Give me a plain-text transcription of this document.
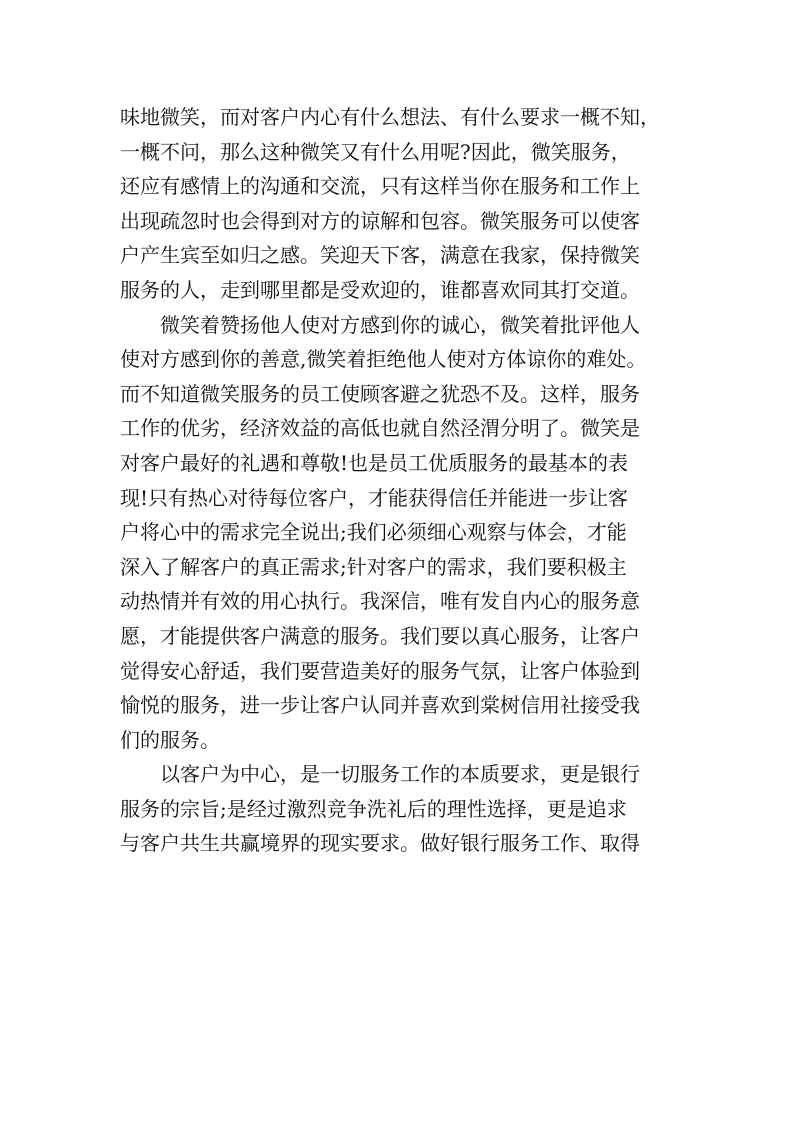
味地微笑，而对客户内心有什么想法、有什么要求一概不知，
一概不问，那么这种微笑又有什么用呢?因此，微笑服务，
还应有感情上的沟通和交流，只有这样当你在服务和工作上
出现疏忽时也会得到对方的谅解和包容。微笑服务可以使客
户产生宾至如归之感。笑迎天下客，满意在我家，保持微笑
服务的人，走到哪里都是受欢迎的，谁都喜欢同其打交道。
微笑着赞扬他人使对方感到你的诚心，微笑着批评他人
使对方感到你的善意,微笑着拒绝他人使对方体谅你的难处。
而不知道微笑服务的员工使顾客避之犹恐不及。这样，服务
工作的优劣，经济效益的高低也就自然泾渭分明了。微笑是
对客户最好的礼遇和尊敬!也是员工优质服务的最基本的表
现!只有热心对待每位客户，才能获得信任并能进一步让客
户将心中的需求完全说出;我们必须细心观察与体会，才能
深入了解客户的真正需求;针对客户的需求，我们要积极主
动热情并有效的用心执行。我深信，唯有发自内心的服务意
愿，才能提供客户满意的服务。我们要以真心服务，让客户
觉得安心舒适，我们要营造美好的服务气氛，让客户体验到
愉悦的服务，进一步让客户认同并喜欢到棠树信用社接受我
们的服务。
以客户为中心，是一切服务工作的本质要求，更是银行
服务的宗旨;是经过激烈竞争洗礼后的理性选择，更是追求
与客户共生共赢境界的现实要求。做好银行服务工作、取得
